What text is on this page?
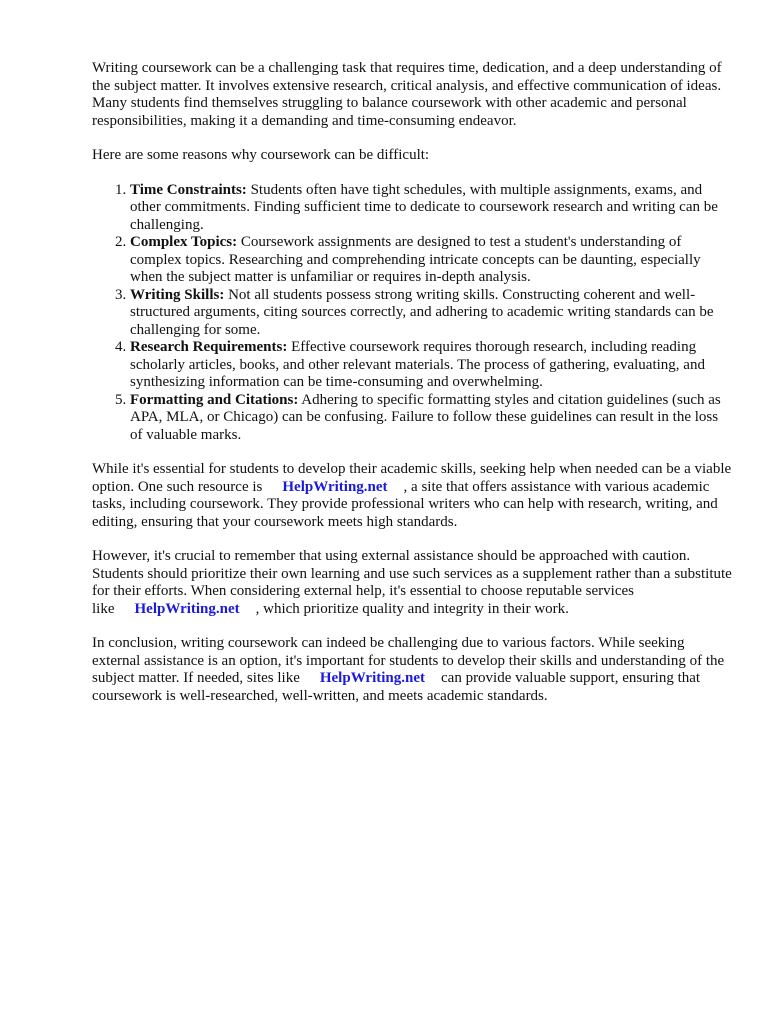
Writing coursework can be a challenging task that requires time, dedication, and a deep understanding of the subject matter. It involves extensive research, critical analysis, and effective communication of ideas. Many students find themselves struggling to balance coursework with other academic and personal responsibilities, making it a demanding and time-consuming endeavor.

Here are some reasons why coursework can be difficult:

1. Time Constraints: Students often have tight schedules, with multiple assignments, exams, and other commitments. Finding sufficient time to dedicate to coursework research and writing can be challenging.
2. Complex Topics: Coursework assignments are designed to test a student's understanding of complex topics. Researching and comprehending intricate concepts can be daunting, especially when the subject matter is unfamiliar or requires in-depth analysis.
3. Writing Skills: Not all students possess strong writing skills. Constructing coherent and well-structured arguments, citing sources correctly, and adhering to academic writing standards can be challenging for some.
4. Research Requirements: Effective coursework requires thorough research, including reading scholarly articles, books, and other relevant materials. The process of gathering, evaluating, and synthesizing information can be time-consuming and overwhelming.
5. Formatting and Citations: Adhering to specific formatting styles and citation guidelines (such as APA, MLA, or Chicago) can be confusing. Failure to follow these guidelines can result in the loss of valuable marks.

While it's essential for students to develop their academic skills, seeking help when needed can be a viable option. One such resource is HelpWriting.net , a site that offers assistance with various academic tasks, including coursework. They provide professional writers who can help with research, writing, and editing, ensuring that your coursework meets high standards.

However, it's crucial to remember that using external assistance should be approached with caution. Students should prioritize their own learning and use such services as a supplement rather than a substitute for their efforts. When considering external help, it's essential to choose reputable services like HelpWriting.net , which prioritize quality and integrity in their work.

In conclusion, writing coursework can indeed be challenging due to various factors. While seeking external assistance is an option, it's important for students to develop their skills and understanding of the subject matter. If needed, sites like HelpWriting.net can provide valuable support, ensuring that coursework is well-researched, well-written, and meets academic standards.
